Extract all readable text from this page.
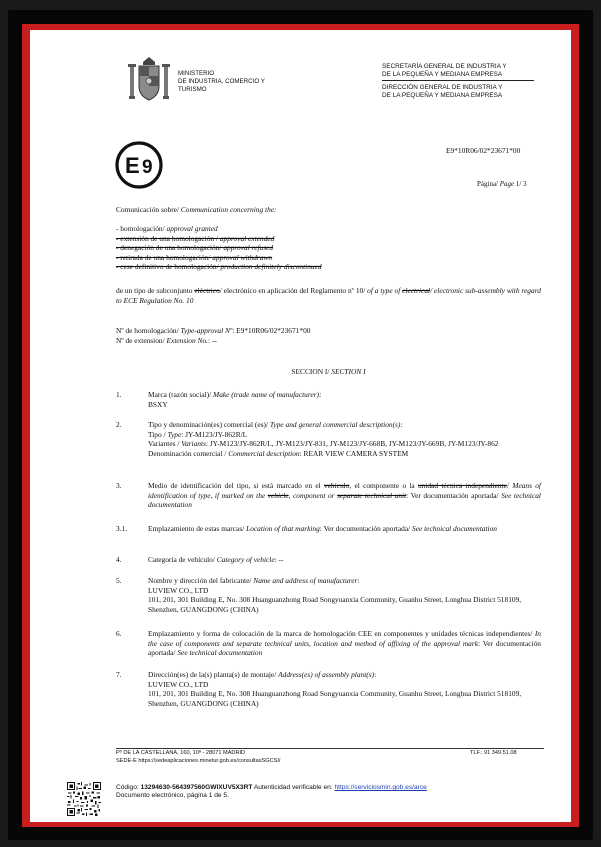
MINISTERIO
DE INDUSTRIA, COMERCIO Y
TURISMO
SECRETARÍA GENERAL DE INDUSTRIA Y
DE LA PEQUEÑA Y MEDIANA EMPRESA
DIRECCIÓN GENERAL DE INDUSTRIA Y
DE LA PEQUEÑA Y MEDIANA EMPRESA
E 9
E9*10R06/02*23671*00
Página/ Page 1/ 3
Comunicación sobre/ Communication concerning the:
- homologación/ approval granted
- extensión de una homologación / approval extended
- denegación de una homologación/ approval refused
- retirada de una homologación/ approval withdrawn
- cese definitivo de homologación/ production definitely discontinued
de un tipo de subconjunto eléctrico/ electrónico en aplicación del Reglamento nº 10/ of a type of electrical/ electronic sub-assembly with regard to ECE Regulation No. 10
Nº de homologación/ Type-approval Nº: E9*10R06/02*23671*00
Nº de extension/ Extension No.: --
SECCION I/ SECTION I
1.	Marca (razón social)/ Make (trade name of manufacturer):
BSXY
2.	Tipo y denominación(es) comercial (es)/ Type and general commercial description(s):
Tipo / Type: JY-M123/JY-862R/L
Variantes / Variants: JY-M123/JY-862R/L, JY-M123/JY-831, JY-M123/JY-668B, JY-M123/JY-669B, JY-M123/JY-862
Denominación comercial / Commercial description: REAR VIEW CAMERA SYSTEM
3.	Medio de identificación del tipo, si está marcado en el vehículo, el componente o la unidad técnica independiente/ Means of identification of type, if marked on the vehicle, component or separate technical unit: Ver documentación aportada/ See technical documentation
3.1.	Emplazamiento de estas marcas/ Location of that marking: Ver documentación aportada/ See technical documentation
4.	Categoría de vehículo/ Category of vehicle: --
5.	Nombre y dirección del fabricante/ Name and address of manufacturer:
LUVIEW CO., LTD
101, 201, 301 Building E, No. 308 Huanguanzhong Road Songyuanxia Community, Guanhu Street, Longhua District 518109, Shenzhen, GUANGDONG (CHINA)
6.	Emplazamiento y forma de colocación de la marca de homologación CEE en componentes y unidades técnicas independientes/ In the case of components and separate technical units, location and method of affixing of the approval mark: Ver documentación aportada/ See technical documentation
7.	Dirección(es) de la(s) planta(s) de montaje/ Address(es) of assembly plant(s):
LUVIEW CO., LTD
101, 201, 301 Building E, No. 308 Huanguanzhong Road Songyuanxia Community, Guanhu Street, Longhua District 518109, Shenzhen, GUANGDONG (CHINA)
Pº DE LA CASTELLANA, 160, 10ª - 28071 MADRID	TLF.: 91 349.51.08
SEDE-E https://sedeaplicaciones.minetur.gob.es/consultasSGCSI/
Código: 13294630-564397560GWIXUV5X3RT Autenticidad verificable en: https://serviciosmin.gob.es/arce
Documento electrónico, página 1 de 5.
